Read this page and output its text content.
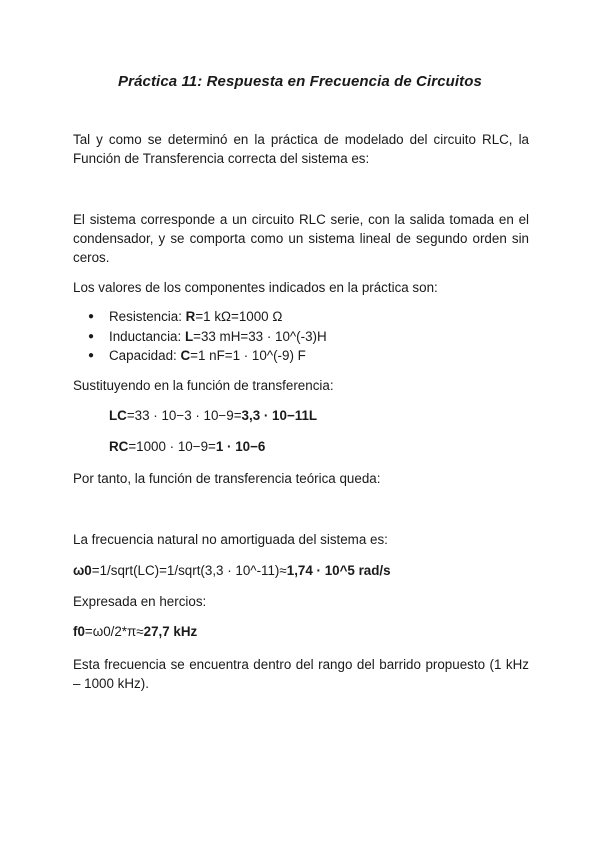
Práctica 11: Respuesta en Frecuencia de Circuitos
Tal y como se determinó en la práctica de modelado del circuito RLC, la Función de Transferencia correcta del sistema es:
El sistema corresponde a un circuito RLC serie, con la salida tomada en el condensador, y se comporta como un sistema lineal de segundo orden sin ceros.
Los valores de los componentes indicados en la práctica son:
● Resistencia: R=1 kΩ=1000 Ω
● Inductancia: L=33 mH=33 · 10^(-3)H
● Capacidad: C=1 nF=1 · 10^(-9) F
Sustituyendo en la función de transferencia:
LC=33 · 10−3 · 10−9=3,3 · 10−11L
RC=1000 · 10−9=1 · 10−6
Por tanto, la función de transferencia teórica queda:
La frecuencia natural no amortiguada del sistema es:
ω0=1/sqrt(LC)=1/sqrt(3,3 · 10^-11)≈1,74 · 10^5 rad/s
Expresada en hercios:
f0=ω0/2*π≈27,7 kHz
Esta frecuencia se encuentra dentro del rango del barrido propuesto (1 kHz – 1000 kHz).
